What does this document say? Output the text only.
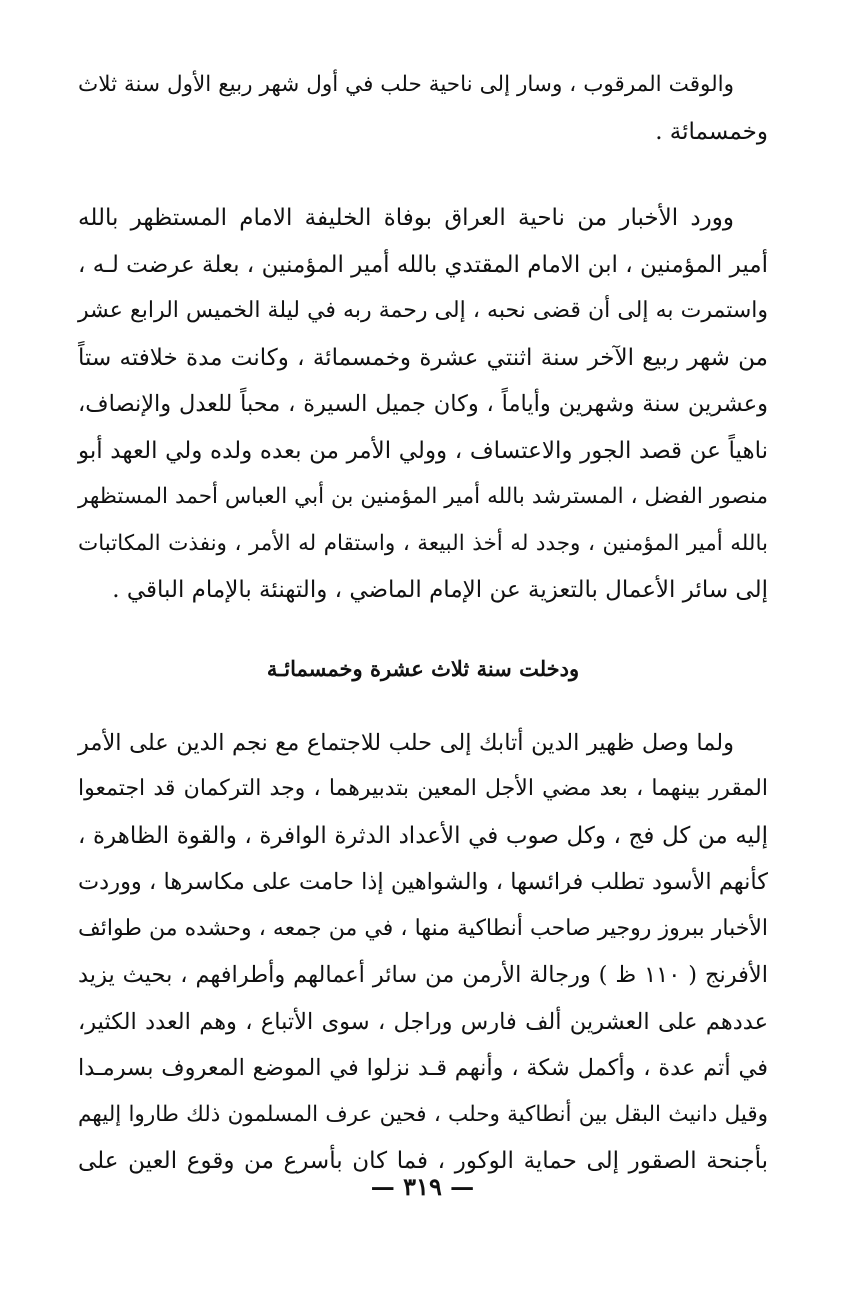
والوقت المرقوب ، وسار إلى ناحية حلب في أول شهر ربيع الأول سنة ثلاث
وخمسمائة .

وورد الأخبار من ناحية العراق بوفاة الخليفة الامام المستظهر بالله
أمير المؤمنين ، ابن الامام المقتدي بالله أمير المؤمنين ، بعلة عرضت لـه ،
واستمرت به إلى أن قضى نحبه ، إلى رحمة ربه في ليلة الخميس الرابع عشر
من شهر ربيع الآخر سنة اثنتي عشرة وخمسمائة ، وكانت مدة خلافته ستاً
وعشرين سنة وشهرين وأياماً ، وكان جميل السيرة ، محباً للعدل والإنصاف،
ناهياً عن قصد الجور والاعتساف ، وولي الأمر من بعده ولده ولي العهد أبو
منصور الفضل ، المسترشد بالله أمير المؤمنين بن أبي العباس أحمد المستظهر
بالله أمير المؤمنين ، وجدد له أخذ البيعة ، واستقام له الأمر ، ونفذت المكاتبات
إلى سائر الأعمال بالتعزية عن الإمام الماضي ، والتهنئة بالإمام الباقي .

ودخلت سنة ثلاث عشرة وخمسمائـة

ولما وصل ظهير الدين أتابك إلى حلب للاجتماع مع نجم الدين على الأمر
المقرر بينهما ، بعد مضي الأجل المعين بتدبيرهما ، وجد التركمان قد اجتمعوا
إليه من كل فج ، وكل صوب في الأعداد الدثرة الوافرة ، والقوة الظاهرة ،
كأنهم الأسود تطلب فرائسها ، والشواهين إذا حامت على مكاسرها ، ووردت
الأخبار ببروز روجير صاحب أنطاكية منها ، في من جمعه ، وحشده من طوائف
الأفرنج ( ١١٠ ظ ) ورجالة الأرمن من سائر أعمالهم وأطرافهم ، بحيث يزيد
عددهم على العشرين ألف فارس وراجل ، سوى الأتباع ، وهم العدد الكثير،
في أتم عدة ، وأكمل شكة ، وأنهم قـد نزلوا في الموضع المعروف بسرمـدا
وقيل دانيث البقل بين أنطاكية وحلب ، فحين عرف المسلمون ذلك طاروا إليهم
بأجنحة الصقور إلى حماية الوكور ، فما كان بأسرع من وقوع العين على

— ٣١٩ —
